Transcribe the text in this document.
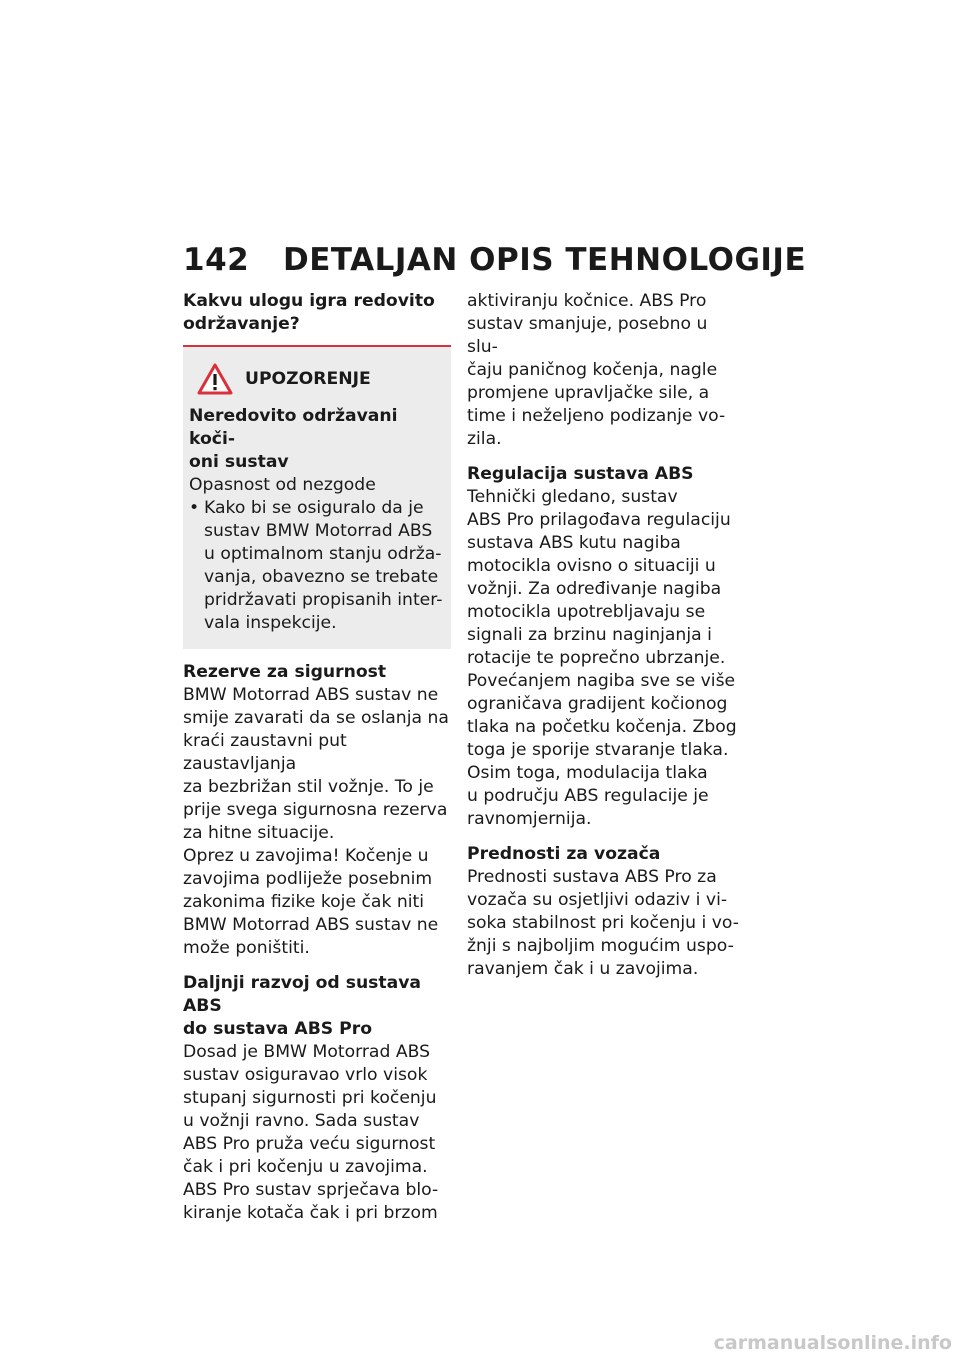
142 DETALJAN OPIS TEHNOLOGIJE
Kakvu ulogu igra redovito
održavanje?
UPOZORENJE
Neredovito održavani koči-
oni sustav
Opasnost od nezgode
• Kako bi se osiguralo da je
sustav BMW Motorrad ABS
u optimalnom stanju održa-
vanja, obavezno se trebate
pridržavati propisanih inter-
vala inspekcije.
Rezerve za sigurnost
BMW Motorrad ABS sustav ne
smije zavarati da se oslanja na
kraći zaustavni put zaustavljanja
za bezbrižan stil vožnje. To je
prije svega sigurnosna rezerva
za hitne situacije.
Oprez u zavojima! Kočenje u
zavojima podliježe posebnim
zakonima fizike koje čak niti
BMW Motorrad ABS sustav ne
može poništiti.
Daljnji razvoj od sustava ABS
do sustava ABS Pro
Dosad je BMW Motorrad ABS
sustav osiguravao vrlo visok
stupanj sigurnosti pri kočenju
u vožnji ravno. Sada sustav
ABS Pro pruža veću sigurnost
čak i pri kočenju u zavojima.
ABS Pro sustav sprječava blo-
kiranje kotača čak i pri brzom
aktiviranju kočnice. ABS Pro
sustav smanjuje, posebno u slu-
čaju paničnog kočenja, nagle
promjene upravljačke sile, a
time i neželjeno podizanje vo-
zila.
Regulacija sustava ABS
Tehnički gledano, sustav
ABS Pro prilagođava regulaciju
sustava ABS kutu nagiba
motocikla ovisno o situaciji u
vožnji. Za određivanje nagiba
motocikla upotrebljavaju se
signali za brzinu naginjanja i
rotacije te poprečno ubrzanje.
Povećanjem nagiba sve se više
ograničava gradijent kočionog
tlaka na početku kočenja. Zbog
toga je sporije stvaranje tlaka.
Osim toga, modulacija tlaka
u području ABS regulacije je
ravnomjernija.
Prednosti za vozača
Prednosti sustava ABS Pro za
vozača su osjetljivi odaziv i vi-
soka stabilnost pri kočenju i vo-
žnji s najboljim mogućim uspo-
ravanjem čak i u zavojima.
carmanualsonline.info
